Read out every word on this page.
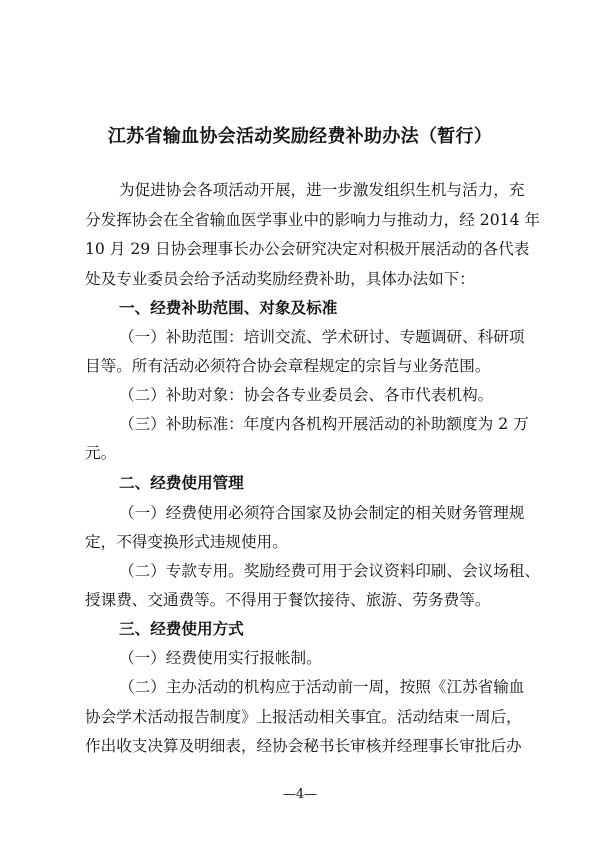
江苏省输血协会活动奖励经费补助办法（暂行）
为促进协会各项活动开展，进一步激发组织生机与活力，充
分发挥协会在全省输血医学事业中的影响力与推动力，经 2014 年
10 月 29 日协会理事长办公会研究决定对积极开展活动的各代表
处及专业委员会给予活动奖励经费补助，具体办法如下：
一、经费补助范围、对象及标准
（一）补助范围：培训交流、学术研讨、专题调研、科研项
目等。所有活动必须符合协会章程规定的宗旨与业务范围。
（二）补助对象：协会各专业委员会、各市代表机构。
（三）补助标准：年度内各机构开展活动的补助额度为 2 万
元。
二、经费使用管理
（一）经费使用必须符合国家及协会制定的相关财务管理规
定，不得变换形式违规使用。
（二）专款专用。奖励经费可用于会议资料印刷、会议场租、
授课费、交通费等。不得用于餐饮接待、旅游、劳务费等。
三、经费使用方式
（一）经费使用实行报帐制。
（二）主办活动的机构应于活动前一周，按照《江苏省输血
协会学术活动报告制度》上报活动相关事宜。活动结束一周后，
作出收支决算及明细表，经协会秘书长审核并经理事长审批后办
—4—
